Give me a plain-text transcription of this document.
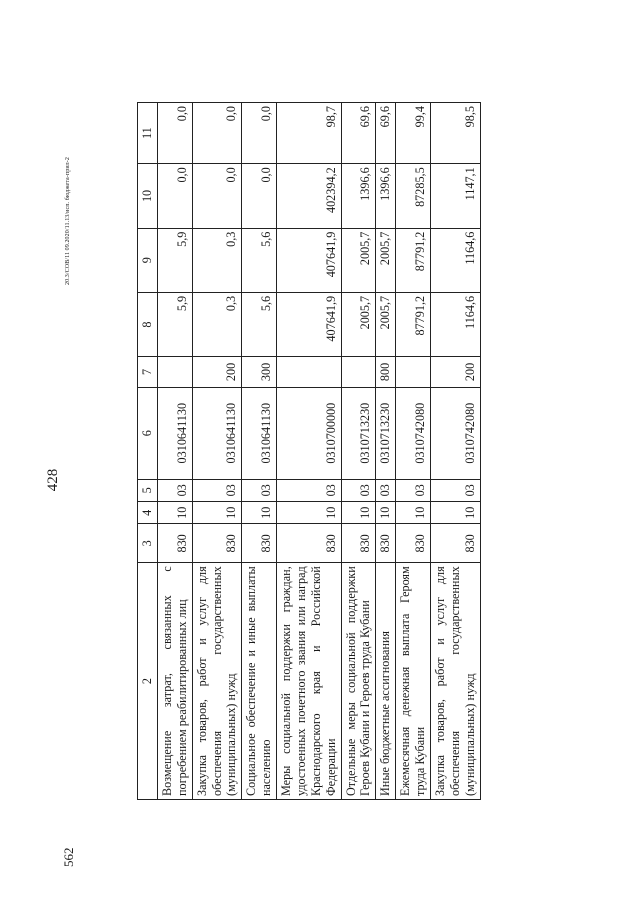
428
562
20.3/СОВ/11 09.2020/11.13/исп. бюджета-прил-2
2	3	4	5	6	7	8	9	10	11
Возмещение затрат, связанных с погребением реабилитированных лиц	830	10	03	0310641130		5,9	5,9	0,0	0,0
Закупка товаров, работ и услуг для обеспечения государственных (муниципальных) нужд	830	10	03	0310641130	200	0,3	0,3	0,0	0,0
Социальное обеспечение и иные выплаты населению	830	10	03	0310641130	300	5,6	5,6	0,0	0,0
Меры социальной поддержки граждан, удостоенных почетного звания или наград Краснодарского края и Российской Федерации	830	10	03	0310700000		407641,9	407641,9	402394,2	98,7
Отдельные меры социальной поддержки Героев Кубани и Героев труда Кубани	830	10	03	0310713230		2005,7	2005,7	1396,6	69,6
Иные бюджетные ассигнования	830	10	03	0310713230	800	2005,7	2005,7	1396,6	69,6
Ежемесячная денежная выплата Героям труда Кубани	830	10	03	0310742080		87791,2	87791,2	87285,5	99,4
Закупка товаров, работ и услуг для обеспечения государственных (муниципальных) нужд	830	10	03	0310742080	200	1164,6	1164,6	1147,1	98,5
